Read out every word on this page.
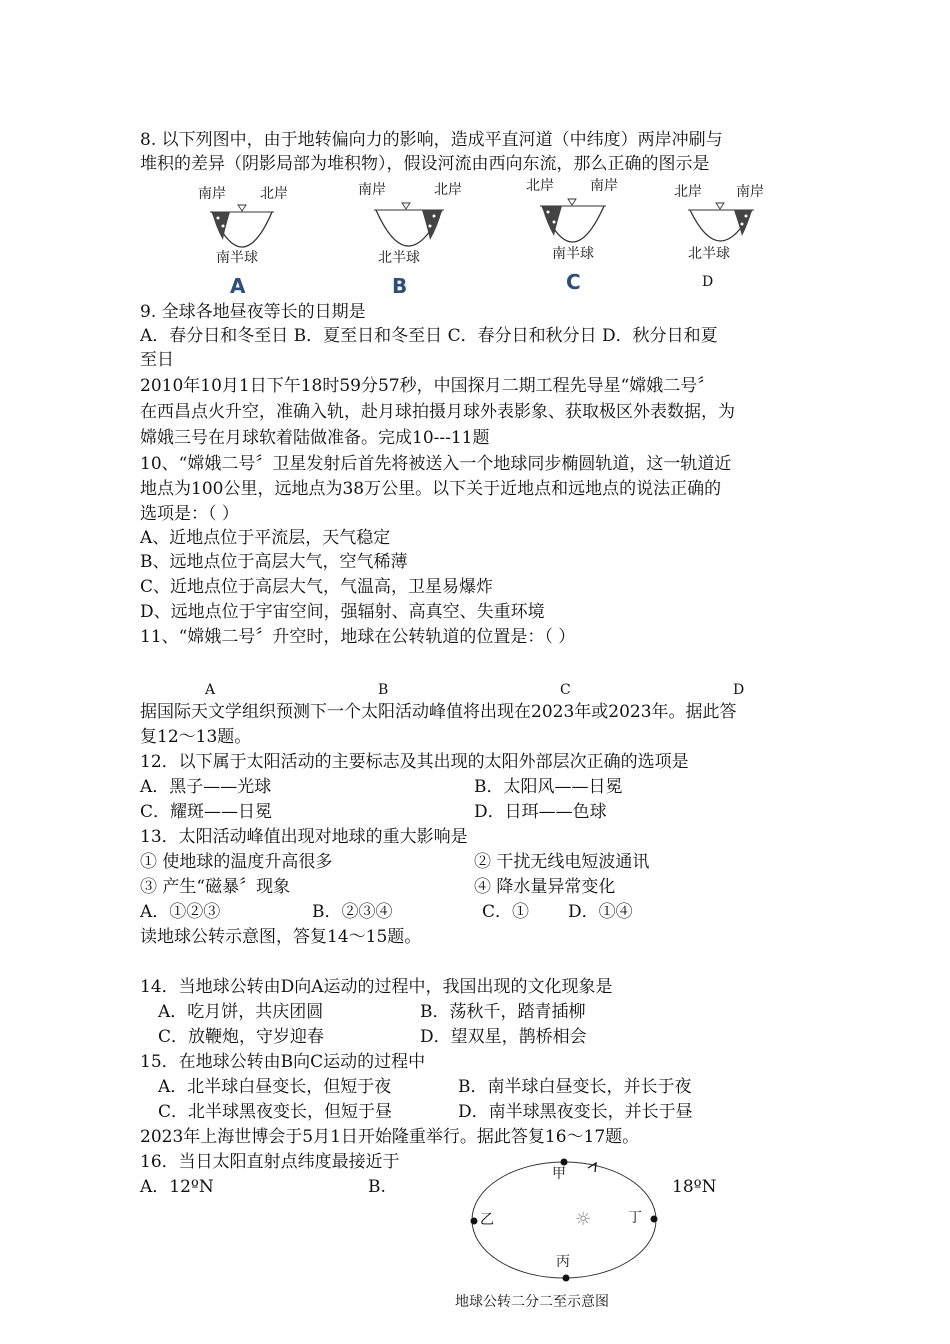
8. 以下列图中，由于地转偏向力的影响，造成平直河道（中纬度）两岸冲刷与
堆积的差异（阴影局部为堆积物），假设河流由西向东流，那么正确的图示是
南岸 北岸
南半球
A
南岸	北岸
北半球
B
北岸	南岸
南半球
C
北岸 南岸
北半球
D
9. 全球各地昼夜等长的日期是
A．春分日和冬至日 B．夏至日和冬至日 C．春分日和秋分日 D．秋分日和夏
至日
2010年10月1日下午18时59分57秒，中国探月二期工程先导星“嫦娥二号〞
在西昌点火升空，准确入轨，赴月球拍摄月球外表影象、获取极区外表数据，为
嫦娥三号在月球软着陆做准备。完成10---11题
10、“嫦娥二号〞卫星发射后首先将被送入一个地球同步椭圆轨道，这一轨道近
地点为100公里，远地点为38万公里。以下关于近地点和远地点的说法正确的
选项是：（ ）
A、近地点位于平流层，天气稳定
B、远地点位于高层大气，空气稀薄
C、近地点位于高层大气，气温高，卫星易爆炸
D、远地点位于宇宙空间，强辐射、高真空、失重环境
11、“嫦娥二号〞升空时，地球在公转轨道的位置是：（ ）
A	B	C	D
据国际天文学组织预测下一个太阳活动峰值将出现在2023年或2023年。据此答
复12～13题。
12．以下属于太阳活动的主要标志及其出现的太阳外部层次正确的选项是
A．黑子——光球	B．太阳风——日冕
C．耀斑——日冕	D．日珥——色球
13．太阳活动峰值出现对地球的重大影响是
① 使地球的温度升高很多	② 干扰无线电短波通讯
③ 产生“磁暴〞现象	④ 降水量异常变化
A．①②③	B．②③④	C．① D．①④
读地球公转示意图，答复14～15题。
14．当地球公转由D向A运动的过程中，我国出现的文化现象是
A．吃月饼，共庆团圆	B．荡秋千，踏青插柳
C．放鞭炮，守岁迎春	D．望双星，鹊桥相会
15．在地球公转由B向C运动的过程中
A．北半球白昼变长，但短于夜	B．南半球白昼变长，并长于夜
C．北半球黑夜变长，但短于昼	D．南半球黑夜变长，并长于昼
2023年上海世博会于5月1日开始隆重举行。据此答复16～17题。
16．当日太阳直射点纬度最接近于
A．12ºN	B.	18ºN
甲
乙	丁
丙
☼
地球公转二分二至示意图
